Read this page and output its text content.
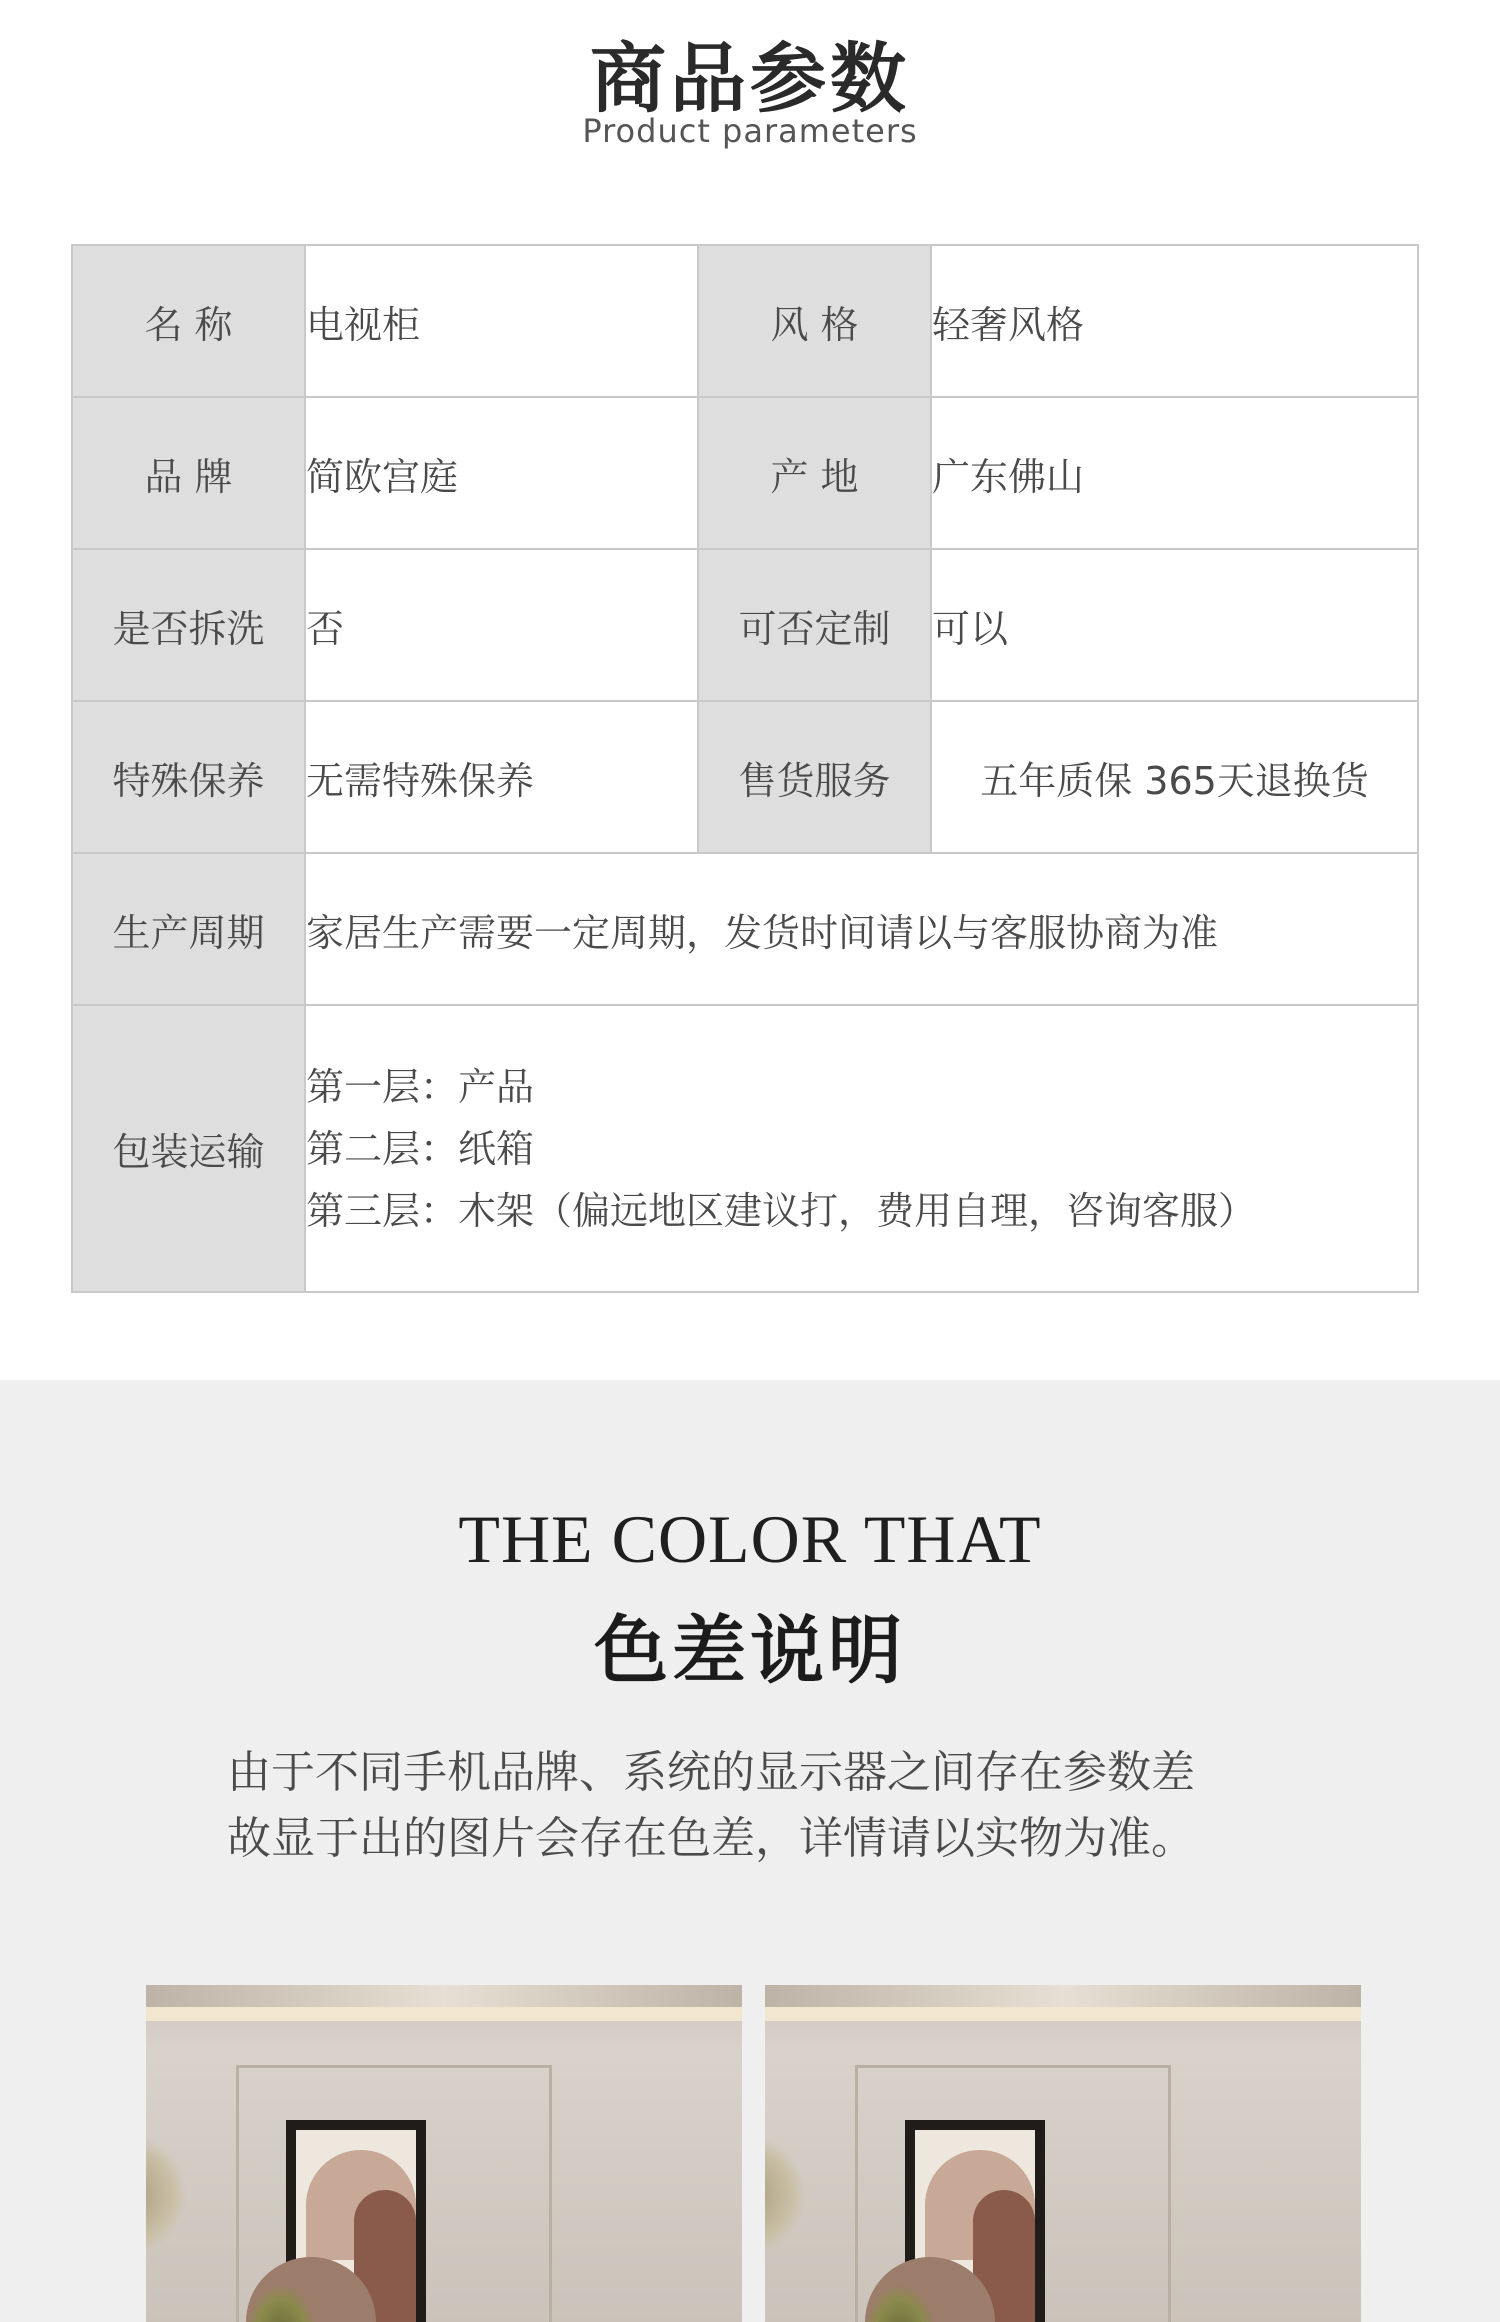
商品参数
Product parameters
名 称	电视柜	风 格	轻奢风格
品 牌	简欧宫庭	产 地	广东佛山
是否拆洗	否	可否定制	可以
特殊保养	无需特殊保养	售货服务	五年质保 365天退换货
生产周期	家居生产需要一定周期，发货时间请以与客服协商为准		
包装运输	第一层：产品
第二层：纸箱
第三层：木架（偏远地区建议打，费用自理，咨询客服）		
THE COLOR THAT
色差说明
由于不同手机品牌、系统的显示器之间存在参数差
故显于出的图片会存在色差，详情请以实物为准。
